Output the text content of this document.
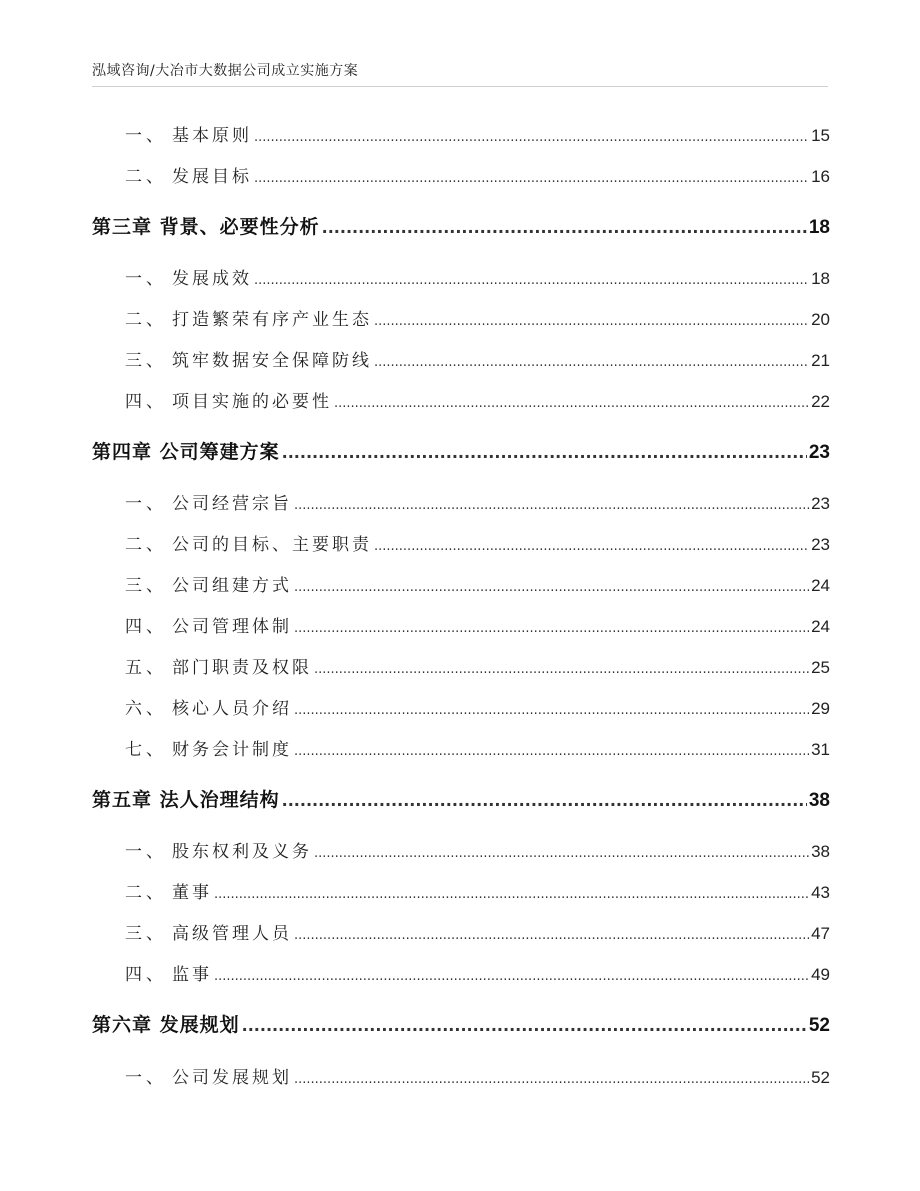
泓域咨询/大冶市大数据公司成立实施方案
一、 基本原则 .....	15
二、 发展目标 .....	16
第三章 背景、必要性分析 .....	18
一、 发展成效 .....	18
二、 打造繁荣有序产业生态 .....	20
三、 筑牢数据安全保障防线 .....	21
四、 项目实施的必要性 .....	22
第四章 公司筹建方案 .....	23
一、 公司经营宗旨 .....	23
二、 公司的目标、主要职责 .....	23
三、 公司组建方式 .....	24
四、 公司管理体制 .....	24
五、 部门职责及权限 .....	25
六、 核心人员介绍 .....	29
七、 财务会计制度 .....	31
第五章 法人治理结构 .....	38
一、 股东权利及义务 .....	38
二、 董事 .....	43
三、 高级管理人员 .....	47
四、 监事 .....	49
第六章 发展规划 .....	52
一、 公司发展规划 .....	52
